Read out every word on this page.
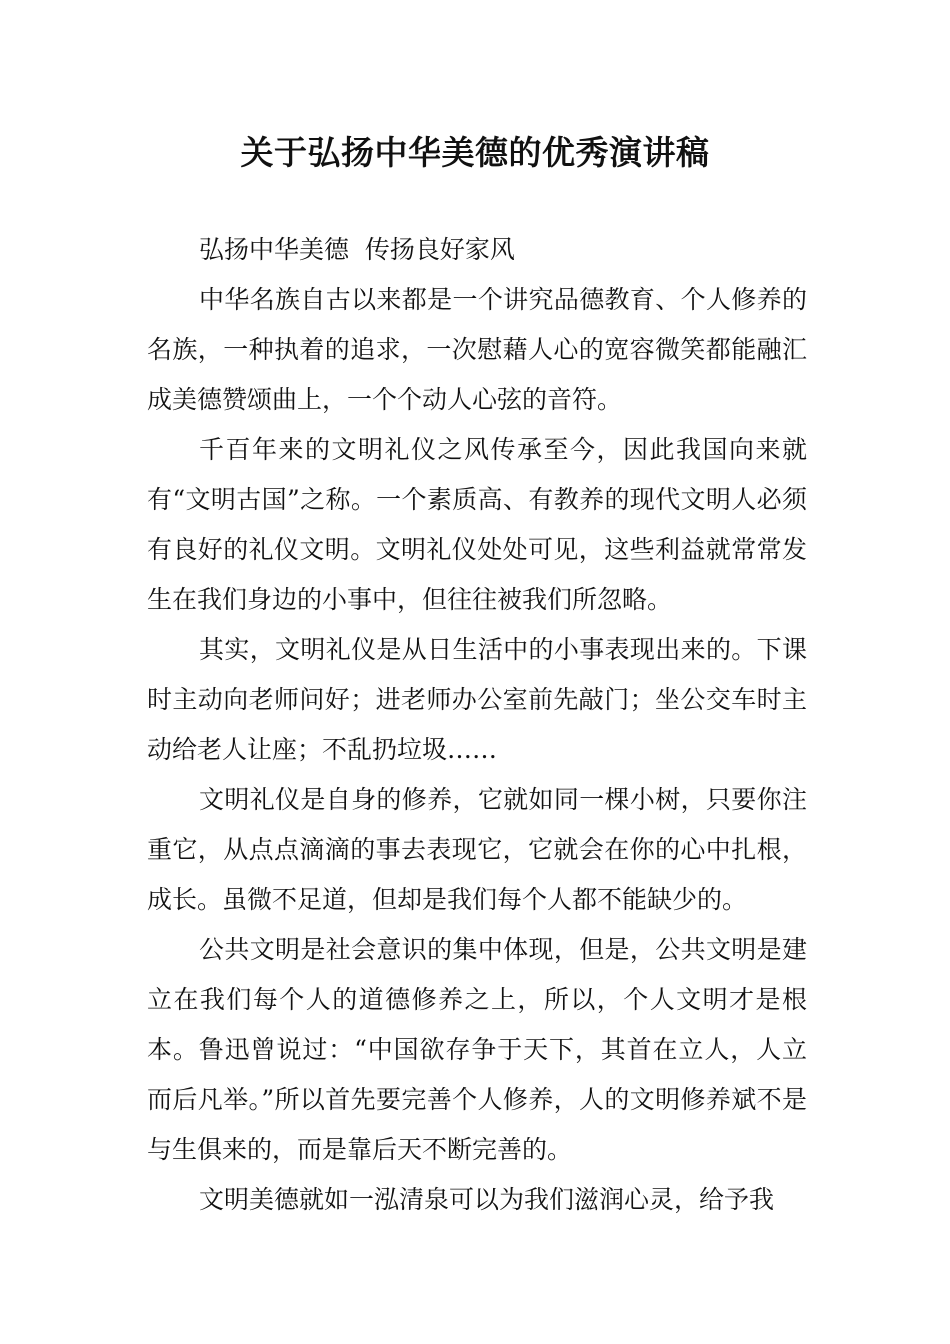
关于弘扬中华美德的优秀演讲稿

弘扬中华美德  传扬良好家风

中华名族自古以来都是一个讲究品德教育、个人修养的名族，一种执着的追求，一次慰藉人心的宽容微笑都能融汇成美德赞颂曲上，一个个动人心弦的音符。

千百年来的文明礼仪之风传承至今，因此我国向来就有“文明古国”之称。一个素质高、有教养的现代文明人必须有良好的礼仪文明。文明礼仪处处可见，这些利益就常常发生在我们身边的小事中，但往往被我们所忽略。

其实，文明礼仪是从日生活中的小事表现出来的。下课时主动向老师问好；进老师办公室前先敲门；坐公交车时主动给老人让座；不乱扔垃圾……

文明礼仪是自身的修养，它就如同一棵小树，只要你注重它，从点点滴滴的事去表现它，它就会在你的心中扎根，成长。虽微不足道，但却是我们每个人都不能缺少的。

公共文明是社会意识的集中体现，但是，公共文明是建立在我们每个人的道德修养之上，所以，个人文明才是根本。鲁迅曾说过：“中国欲存争于天下，其首在立人，人立而后凡举。”所以首先要完善个人修养，人的文明修养斌不是与生俱来的，而是靠后天不断完善的。

文明美德就如一泓清泉可以为我们滋润心灵，给予我
